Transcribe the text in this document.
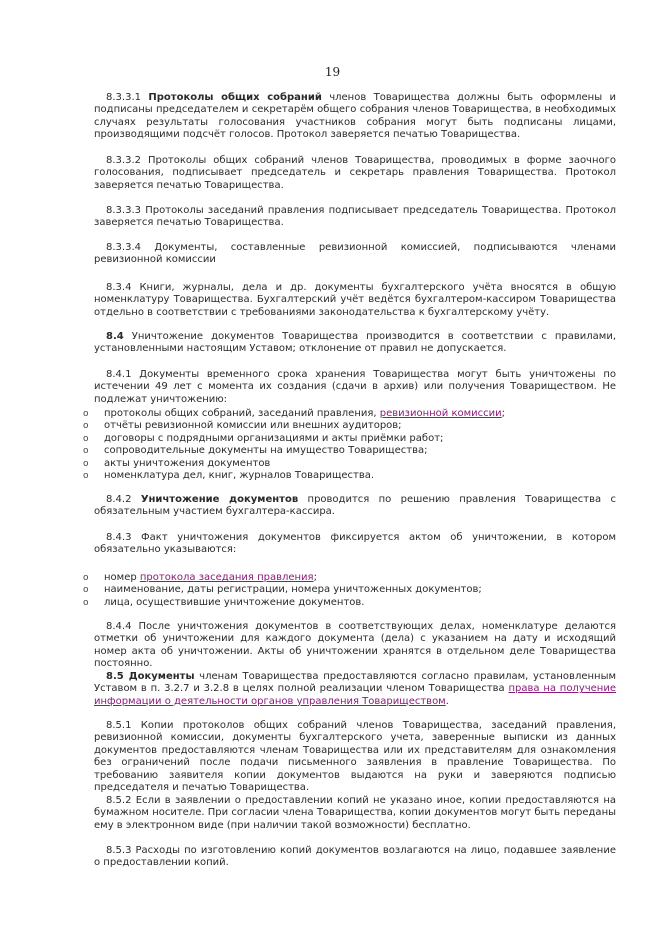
19
8.3.3.1 Протоколы общих собраний членов Товарищества должны быть оформлены и подписаны председателем и секретарём общего собрания членов Товарищества, в необходимых случаях результаты голосования участников собрания могут быть подписаны лицами, производящими подсчёт голосов. Протокол заверяется печатью Товарищества.
8.3.3.2 Протоколы общих собраний членов Товарищества, проводимых в форме заочного голосования, подписывает председатель и секретарь правления Товарищества. Протокол заверяется печатью Товарищества.
8.3.3.3 Протоколы заседаний правления подписывает председатель Товарищества. Протокол заверяется печатью Товарищества.
8.3.3.4 Документы, составленные ревизионной комиссией, подписываются членами ревизионной комиссии
8.3.4 Книги, журналы, дела и др. документы бухгалтерского учёта вносятся в общую номенклатуру Товарищества. Бухгалтерский учёт ведётся бухгалтером-кассиром Товарищества отдельно в соответствии с требованиями законодательства к бухгалтерскому учёту.
8.4 Уничтожение документов Товарищества производится в соответствии с правилами, установленными настоящим Уставом; отклонение от правил не допускается.
8.4.1 Документы временного срока хранения Товарищества могут быть уничтожены по истечении 49 лет с момента их создания (сдачи в архив) или получения Товариществом. Не подлежат уничтожению:
o протоколы общих собраний, заседаний правления, ревизионной комиссии;
o отчёты ревизионной комиссии или внешних аудиторов;
o договоры с подрядными организациями и акты приёмки работ;
o сопроводительные документы на имущество Товарищества;
o акты уничтожения документов
o номенклатура дел, книг, журналов Товарищества.
8.4.2 Уничтожение документов проводится по решению правления Товарищества с обязательным участием бухгалтера-кассира.
8.4.3 Факт уничтожения документов фиксируется актом об уничтожении, в котором обязательно указываются:
o номер протокола заседания правления;
o наименование, даты регистрации, номера уничтоженных документов;
o лица, осуществившие уничтожение документов.
8.4.4 После уничтожения документов в соответствующих делах, номенклатуре делаются отметки об уничтожении для каждого документа (дела) с указанием на дату и исходящий номер акта об уничтожении. Акты об уничтожении хранятся в отдельном деле Товарищества постоянно.
8.5 Документы членам Товарищества предоставляются согласно правилам, установленным Уставом в п. 3.2.7 и 3.2.8 в целях полной реализации членом Товарищества права на получение информации о деятельности органов управления Товариществом.
8.5.1 Копии протоколов общих собраний членов Товарищества, заседаний правления, ревизионной комиссии, документы бухгалтерского учета, заверенные выписки из данных документов предоставляются членам Товарищества или их представителям для ознакомления без ограничений после подачи письменного заявления в правление Товарищества. По требованию заявителя копии документов выдаются на руки и заверяются подписью председателя и печатью Товарищества.
8.5.2 Если в заявлении о предоставлении копий не указано иное, копии предоставляются на бумажном носителе. При согласии члена Товарищества, копии документов могут быть переданы ему в электронном виде (при наличии такой возможности) бесплатно.
8.5.3 Расходы по изготовлению копий документов возлагаются на лицо, подавшее заявление о предоставлении копий.
